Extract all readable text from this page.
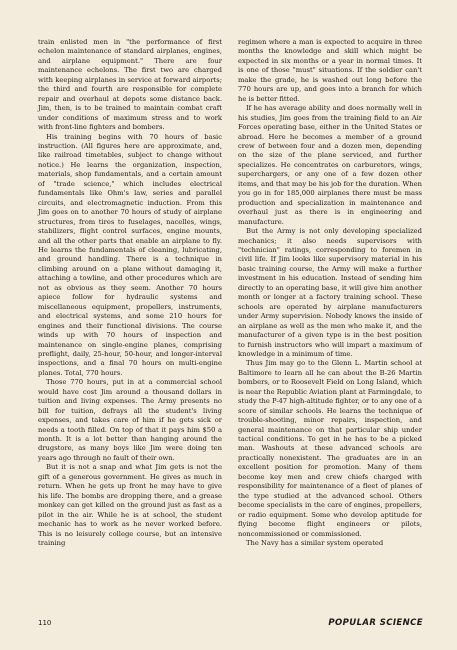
train enlisted men in "the performance of first echelon maintenance of standard airplanes, engines, and airplane equipment." There are four maintenance echelons. The first two are charged with keeping airplanes in service at forward airports; the third and fourth are responsible for complete repair and overhaul at depots some distance back. Jim, then, is to be trained to maintain combat craft under conditions of maximum stress and to work with front-line fighters and bombers.

His training begins with 70 hours of basic instruction. (All figures here are approximate, and, like railroad timetables, subject to change without notice.) He learns the organization, inspection, materials, shop fundamentals, and a certain amount of "trade science," which includes electrical fundamentals like Ohm's law, series and parallel circuits, and electromagnetic induction. From this Jim goes on to another 70 hours of study of airplane structures, from tires to fuselages, nacelles, wings, stabilizers, flight control surfaces, engine mounts, and all the other parts that enable an airplane to fly. He learns the fundamentals of cleaning, lubricating, and ground handling. There is a technique in climbing around on a plane without damaging it, attaching a towline, and other procedures which are not as obvious as they seem. Another 70 hours apiece follow for hydraulic systems and miscellaneous equipment, propellers, instruments, and electrical systems, and some 210 hours for engines and their functional divisions. The course winds up with 70 hours of inspection and maintenance on single-engine planes, comprising preflight, daily, 25-hour, 50-hour, and longer-interval inspections, and a final 70 hours on multi-engine planes. Total, 770 hours.

Those 770 hours, put in at a commercial school would have cost Jim around a thousand dollars in tuition and living expenses. The Army presents no bill for tuition, defrays all the student's living expenses, and takes care of him if he gets sick or needs a tooth filled. On top of that it pays him $50 a month. It is a lot better than hanging around the drugstore, as many boys like Jim were doing ten years ago through no fault of their own.

But it is not a snap and what Jim gets is not the gift of a generous government. He gives as much in return. When he gets up front he may have to give his life. The bombs are dropping there, and a grease monkey can get killed on the ground just as fast as a pilot in the air. While he is at school, the student mechanic has to work as he never worked before. This is no leisurely college course, but an intensive training

regimen where a man is expected to acquire in three months the knowledge and skill which might be expected in six months or a year in normal times. It is one of those "must" situations. If the soldier can't make the grade, he is washed out long before the 770 hours are up, and goes into a branch for which he is better fitted.

If he has average ability and does normally well in his studies, Jim goes from the training field to an Air Forces operating base, either in the United States or abroad. Here he becomes a member of a ground crew of between four and a dozen men, depending on the size of the plane serviced, and further specializes. He concentrates on carburetors, wings, superchargers, or any one of a few dozen other items, and that may be his job for the duration. When you go in for 185,000 airplanes there must be mass production and specialization in maintenance and overhaul just as there is in engineering and manufacture.

But the Army is not only developing specialized mechanics; it also needs supervisors with "technician" ratings, corresponding to foremen in civil life. If Jim looks like supervisory material in his basic training course, the Army will make a further investment in his education. Instead of sending him directly to an operating base, it will give him another month or longer at a factory training school. These schools are operated by airplane manufacturers under Army supervision. Nobody knows the inside of an airplane as well as the men who make it, and the manufacturer of a given type is in the best position to furnish instructors who will impart a maximum of knowledge in a minimum of time.

Thus Jim may go to the Glenn L. Martin school at Baltimore to learn all he can about the B-26 Martin bombers, or to Roosevelt Field on Long Island, which is near the Republic Aviation plant at Farmingdale, to study the P-47 high-altitude fighter, or to any one of a score of similar schools. He learns the technique of trouble-shooting, minor repairs, inspection, and general maintenance on that particular ship under tactical conditions. To get in he has to be a picked man. Washouts at these advanced schools are practically nonexistent. The graduates are in an excellent position for promotion. Many of them become key men and crew chiefs charged with responsibility for maintenance of a fleet of planes of the type studied at the advanced school. Others become specialists in the care of engines, propellers, or radio equipment. Some who develop aptitude for flying become flight engineers or pilots, noncommissioned or commissioned.

The Navy has a similar system operated

110	POPULAR SCIENCE
